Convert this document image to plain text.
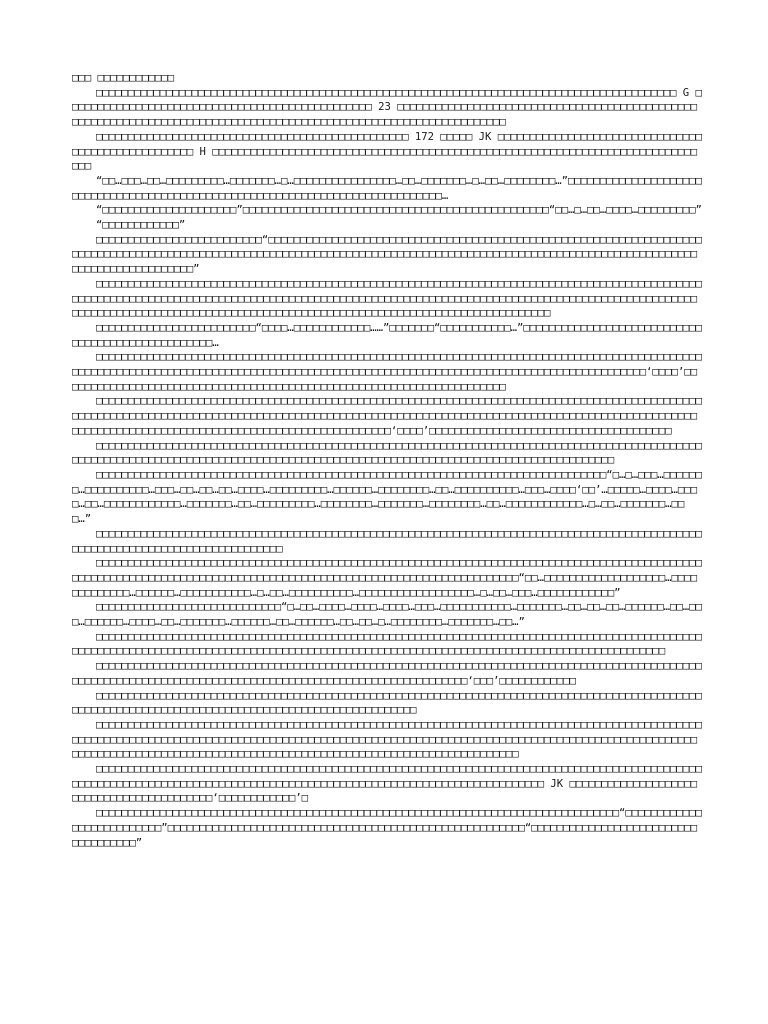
□□□ □□□□□□□□□□□□

□□□□□□□□□□□□□□□□□□□□□□□□□□□□□□□□□□□□□□□□□□□□□□□□□□□□□□□□□□□□□□□□□□□□□□□□□□□□□□□□□□□□□□□□□□□ G □□□□□□□□□□□□□□□□□□□□□□□□□□□□□□□□□□□□□□□□□□□□□□□□ 23 □□□□□□□□□□□□□□□□□□□□□□□□□□□□□□□□□□□□□□□□□□□□□□□□□□□□□□□□□□□□□□□□□□□□□□□□□□□□□□□□□□□□□□□□□□□□□□□□□□□□□□□□□□□□□□□□□□□

□□□□□□□□□□□□□□□□□□□□□□□□□□□□□□□□□□□□□□□□□□□□□□□□□ 172 □□□□□ JK □□□□□□□□□□□□□□□□□□□□□□□□□□□□□□□□□□□□□□□□□□□□□□□□□□□ H □□□□□□□□□□□□□□□□□□□□□□□□□□□□□□□□□□□□□□□□□□□□□□□□□□□□□□□□□□□□□□□□□□□□□□□□□□□□□□□

“□□…□□□…□□…□□□□□□□□□…□□□□□□□…□…□□□□□□□□□□□□□□□□…□□…□□□□□□□…□…□□…□□□□□□□□…”□□□□□□□□□□□□□□□□□□□□□□□□□□□□□□□□□□□□□□□□□□□□□□□□□□□□□□□□□□□□□□□□□□□□□□□□□□□□□□□…

“□□□□□□□□□□□□□□□□□□□□□”□□□□□□□□□□□□□□□□□□□□□□□□□□□□□□□□□□□□□□□□□□□□□□□□“□□…□…□□…□□□□…□□□□□□□□□”

“□□□□□□□□□□□□”

□□□□□□□□□□□□□□□□□□□□□□□□□□“□□□□□□□□□□□□□□□□□□□□□□□□□□□□□□□□□□□□□□□□□□□□□□□□□□□□□□□□□□□□□□□□□□□□□□□□□□□□□□□□□□□□□□□□□□□□□□□□□□□□□□□□□□□□□□□□□□□□□□□□□□□□□□□□□□□□□□□□□□□□□□□□□□□□□□□□□□□□□□□□□□□□□□□□□□□□□□□□□□□□□□□□□”

□□□□□□□□□□□□□□□□□□□□□□□□□□□□□□□□□□□□□□□□□□□□□□□□□□□□□□□□□□□□□□□□□□□□□□□□□□□□□□□□□□□□□□□□□□□□□□□□□□□□□□□□□□□□□□□□□□□□□□□□□□□□□□□□□□□□□□□□□□□□□□□□□□□□□□□□□□□□□□□□□□□□□□□□□□□□□□□□□□□□□□□□□□□□□□□□□□□□□□□□□□□□□□□□□□□□□□□□□□□□□□□□□□□□□□□□□□□□□□□□□□□□□□□□□□□□□□□□□□□□□□□□□□□□

□□□□□□□□□□□□□□□□□□□□□□□□□“□□□□…□□□□□□□□□□□□……”□□□□□□□“□□□□□□□□□□□…”□□□□□□□□□□□□□□□□□□□□□□□□□□□□□□□□□□□□□□□□□□□□□□□□□□…

□□□□□□□□□□□□□□□□□□□□□□□□□□□□□□□□□□□□□□□□□□□□□□□□□□□□□□□□□□□□□□□□□□□□□□□□□□□□□□□□□□□□□□□□□□□□□□□□□□□□□□□□□□□□□□□□□□□□□□□□□□□□□□□□□□□□□□□□□□□□□□□□□□□□□□□□□□□□□□□□□□□□□□□□□□□□□□□□□□□□□□□□□‘□□□□’□□□□□□□□□□□□□□□□□□□□□□□□□□□□□□□□□□□□□□□□□□□□□□□□□□□□□□□□□□□□□□□□□□□□□□

□□□□□□□□□□□□□□□□□□□□□□□□□□□□□□□□□□□□□□□□□□□□□□□□□□□□□□□□□□□□□□□□□□□□□□□□□□□□□□□□□□□□□□□□□□□□□□□□□□□□□□□□□□□□□□□□□□□□□□□□□□□□□□□□□□□□□□□□□□□□□□□□□□□□□□□□□□□□□□□□□□□□□□□□□□□□□□□□□□□□□□□□□□□□□□□□□□□□□□□□□□□□□□□□□□□□□□□□□□□□□□□□□□□□□□□□□□□□□□□□□□□‘□□□□’□□□□□□□□□□□□□□□□□□□□□□□□□□□□□□□□□□□□□□

□□□□□□□□□□□□□□□□□□□□□□□□□□□□□□□□□□□□□□□□□□□□□□□□□□□□□□□□□□□□□□□□□□□□□□□□□□□□□□□□□□□□□□□□□□□□□□□□□□□□□□□□□□□□□□□□□□□□□□□□□□□□□□□□□□□□□□□□□□□□□□□□□□□□□□□□□□□□□□□□□□□□□□□□□□□□□□□□□□□□

□□□□□□□□□□□□□□□□□□□□□□□□□□□□□□□□□□□□□□□□□□□□□□□□□□□□□□□□□□□□□□□□□□□□□□□□□□□□□□□□“□…□…□□□…□□□□□□□…□□□□□□□□□□…□□□…□□…□□…□□…□□□□…□□□□□□□□□…□□□□□□…□□□□□□□□…□□…□□□□□□□□□□…□□□…□□□□‘□□’…□□□□□…□□□□…□□□□…□□…□□□□□□□□□□□□…□□□□□□□…□□…□□□□□□□□□…□□□□□□□□…□□□□□□□…□□□□□□□□…□□…□□□□□□□□□□□□…□…□□…□□□□□□□…□□□…”

□□□□□□□□□□□□□□□□□□□□□□□□□□□□□□□□□□□□□□□□□□□□□□□□□□□□□□□□□□□□□□□□□□□□□□□□□□□□□□□□□□□□□□□□□□□□□□□□□□□□□□□□□□□□□□□□□□□□□□□□□□□□□□□□

□□□□□□□□□□□□□□□□□□□□□□□□□□□□□□□□□□□□□□□□□□□□□□□□□□□□□□□□□□□□□□□□□□□□□□□□□□□□□□□□□□□□□□□□□□□□□□□□□□□□□□□□□□□□□□□□□□□□□□□□□□□□□□□□□□□□□□□□□□□□□□□□□□□□□□□□□□□□□□□□□□□□□“□□…□□□□□□□□□□□□□□□□□□□…□□□□□□□□□□□□□…□□□□□□…□□□□□□□□□□□…□…□□…□□□□□□□□□□…□□□□□□□□□□□□□□□□□□…□…□□…□□□…□□□□□□□□□□□□”

□□□□□□□□□□□□□□□□□□□□□□□□□□□□□“□…□□…□□□□…□□□□…□□□□…□□□…□□□□□□□□□□□…□□□□□□□…□□…□□…□□…□□□□□□…□□…□□□…□□□□□□…□□□□…□□…□□□□□□□…□□□□□□…□□…□□□□□□…□□…□□…□…□□□□□□□□…□□□□□□□…□□…”

□□□□□□□□□□□□□□□□□□□□□□□□□□□□□□□□□□□□□□□□□□□□□□□□□□□□□□□□□□□□□□□□□□□□□□□□□□□□□□□□□□□□□□□□□□□□□□□□□□□□□□□□□□□□□□□□□□□□□□□□□□□□□□□□□□□□□□□□□□□□□□□□□□□□□□□□□□□□□□□□□□□□□□□□□□□□□□□□□□□□□□□□□□□□

□□□□□□□□□□□□□□□□□□□□□□□□□□□□□□□□□□□□□□□□□□□□□□□□□□□□□□□□□□□□□□□□□□□□□□□□□□□□□□□□□□□□□□□□□□□□□□□□□□□□□□□□□□□□□□□□□□□□□□□□□□□□□□□□□□□□□□□□□□□□□□□□□□□□□□□□□□□□□‘□□□’□□□□□□□□□□□□

□□□□□□□□□□□□□□□□□□□□□□□□□□□□□□□□□□□□□□□□□□□□□□□□□□□□□□□□□□□□□□□□□□□□□□□□□□□□□□□□□□□□□□□□□□□□□□□□□□□□□□□□□□□□□□□□□□□□□□□□□□□□□□□□□□□□□□□□□□□□□□□□□□□□□

□□□□□□□□□□□□□□□□□□□□□□□□□□□□□□□□□□□□□□□□□□□□□□□□□□□□□□□□□□□□□□□□□□□□□□□□□□□□□□□□□□□□□□□□□□□□□□□□□□□□□□□□□□□□□□□□□□□□□□□□□□□□□□□□□□□□□□□□□□□□□□□□□□□□□□□□□□□□□□□□□□□□□□□□□□□□□□□□□□□□□□□□□□□□□□□□□□□□□□□□□□□□□□□□□□□□□□□□□□□□□□□□□□□□□□□□□□□□□□□□□□□□□□□□□□□□□□□□□□□□□□□

□□□□□□□□□□□□□□□□□□□□□□□□□□□□□□□□□□□□□□□□□□□□□□□□□□□□□□□□□□□□□□□□□□□□□□□□□□□□□□□□□□□□□□□□□□□□□□□□□□□□□□□□□□□□□□□□□□□□□□□□□□□□□□□□□□□□□□□□□□□□□□□□□□□□□□□□□□□□□□□□□□□□□□□□□ JK □□□□□□□□□□□□□□□□□□□□□□□□□□□□□□□□□□□□□□□□□□‘□□□□□□□□□□□□’□

□□□□□□□□□□□□□□□□□□□□□□□□□□□□□□□□□□□□□□□□□□□□□□□□□□□□□□□□□□□□□□□□□□□□□□□□□□□□□□□□□□“□□□□□□□□□□□□□□□□□□□□□□□□□□”□□□□□□□□□□□□□□□□□□□□□□□□□□□□□□□□□□□□□□□□□□□□□□□□□□□□□□□□“□□□□□□□□□□□□□□□□□□□□□□□□□□□□□□□□□□□□”
